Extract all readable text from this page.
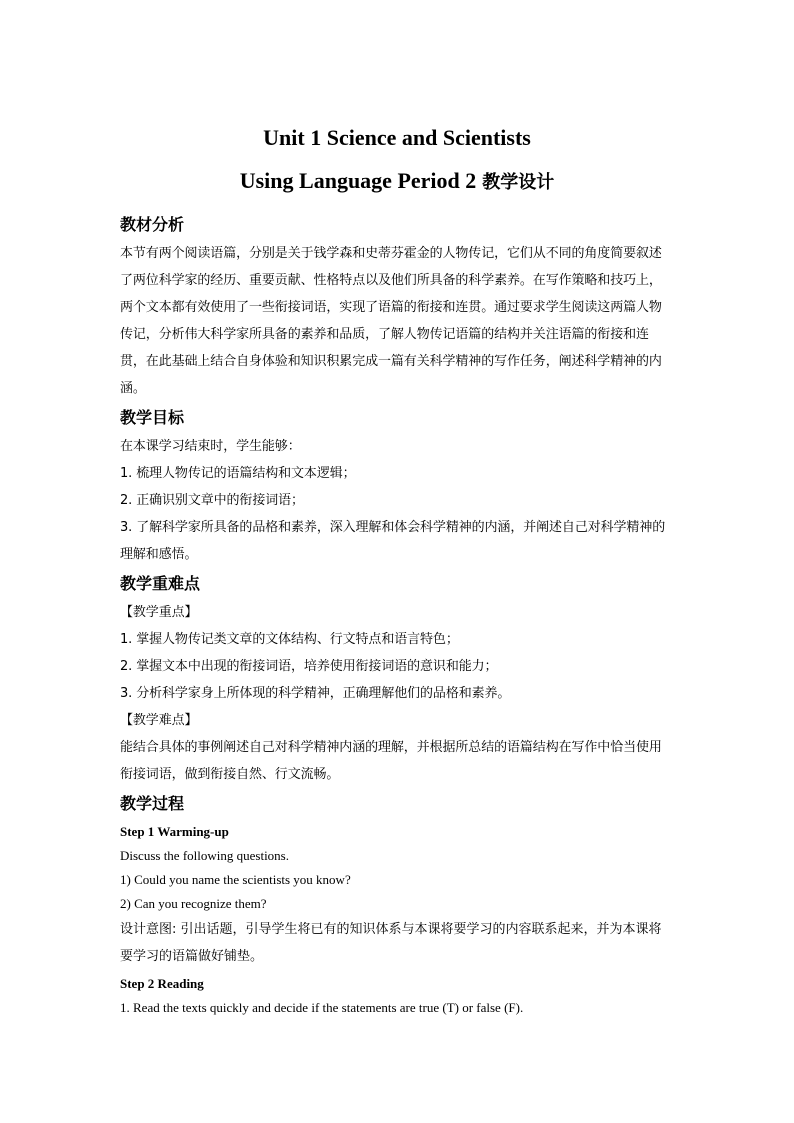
Unit 1 Science and Scientists

Using Language Period 2 教学设计

教材分析

本节有两个阅读语篇，分别是关于钱学森和史蒂芬霍金的人物传记，它们从不同的角度简要叙述了两位科学家的经历、重要贡献、性格特点以及他们所具备的科学素养。在写作策略和技巧上，两个文本都有效使用了一些衔接词语，实现了语篇的衔接和连贯。通过要求学生阅读这两篇人物传记，分析伟大科学家所具备的素养和品质，了解人物传记语篇的结构并关注语篇的衔接和连贯，在此基础上结合自身体验和知识积累完成一篇有关科学精神的写作任务，阐述科学精神的内涵。

教学目标

在本课学习结束时，学生能够：

1. 梳理人物传记的语篇结构和文本逻辑；

2. 正确识别文章中的衔接词语；

3. 了解科学家所具备的品格和素养，深入理解和体会科学精神的内涵，并阐述自己对科学精神的理解和感悟。

教学重难点

【教学重点】

1. 掌握人物传记类文章的文体结构、行文特点和语言特色；

2. 掌握文本中出现的衔接词语，培养使用衔接词语的意识和能力；

3. 分析科学家身上所体现的科学精神，正确理解他们的品格和素养。

【教学难点】

能结合具体的事例阐述自己对科学精神内涵的理解，并根据所总结的语篇结构在写作中恰当使用衔接词语，做到衔接自然、行文流畅。

教学过程

Step 1 Warming-up

Discuss the following questions.

1) Could you name the scientists you know?

2) Can you recognize them?

设计意图: 引出话题，引导学生将已有的知识体系与本课将要学习的内容联系起来，并为本课将要学习的语篇做好铺垫。

Step 2 Reading

1. Read the texts quickly and decide if the statements are true (T) or false (F).
